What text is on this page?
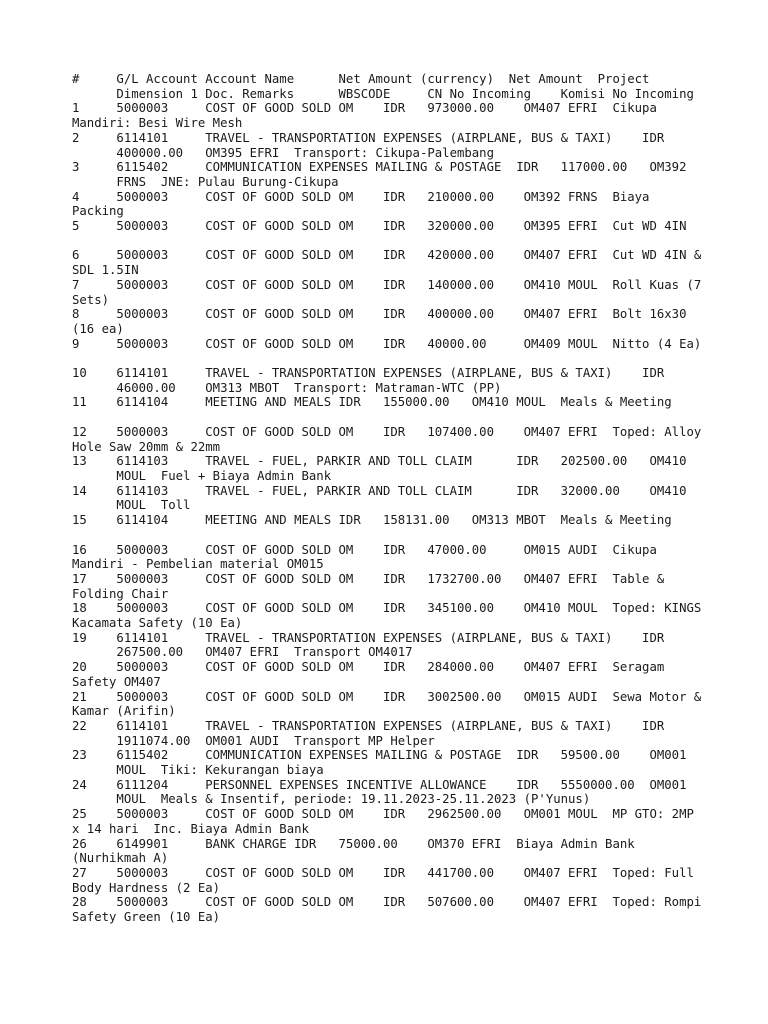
#     G/L Account Account Name      Net Amount (currency)  Net Amount  Project
Dimension 1 Doc. Remarks      WBSCODE     CN No Incoming    Komisi No Incoming
1     5000003     COST OF GOOD SOLD OM    IDR   973000.00    OM407 EFRI  Cikupa
Mandiri: Besi Wire Mesh
2     6114101     TRAVEL - TRANSPORTATION EXPENSES (AIRPLANE, BUS & TAXI)    IDR
400000.00   OM395 EFRI  Transport: Cikupa-Palembang
3     6115402     COMMUNICATION EXPENSES MAILING & POSTAGE  IDR   117000.00   OM392
FRNS  JNE: Pulau Burung-Cikupa
4     5000003     COST OF GOOD SOLD OM    IDR   210000.00    OM392 FRNS  Biaya
Packing
5     5000003     COST OF GOOD SOLD OM    IDR   320000.00    OM395 EFRI  Cut WD 4IN

6     5000003     COST OF GOOD SOLD OM    IDR   420000.00    OM407 EFRI  Cut WD 4IN &
SDL 1.5IN
7     5000003     COST OF GOOD SOLD OM    IDR   140000.00    OM410 MOUL  Roll Kuas (7
Sets)
8     5000003     COST OF GOOD SOLD OM    IDR   400000.00    OM407 EFRI  Bolt 16x30
(16 ea)
9     5000003     COST OF GOOD SOLD OM    IDR   40000.00     OM409 MOUL  Nitto (4 Ea)

10    6114101     TRAVEL - TRANSPORTATION EXPENSES (AIRPLANE, BUS & TAXI)    IDR
46000.00    OM313 MBOT  Transport: Matraman-WTC (PP)
11    6114104     MEETING AND MEALS IDR   155000.00   OM410 MOUL  Meals & Meeting

12    5000003     COST OF GOOD SOLD OM    IDR   107400.00    OM407 EFRI  Toped: Alloy
Hole Saw 20mm & 22mm
13    6114103     TRAVEL - FUEL, PARKIR AND TOLL CLAIM      IDR   202500.00   OM410
MOUL  Fuel + Biaya Admin Bank
14    6114103     TRAVEL - FUEL, PARKIR AND TOLL CLAIM      IDR   32000.00    OM410
MOUL  Toll
15    6114104     MEETING AND MEALS IDR   158131.00   OM313 MBOT  Meals & Meeting

16    5000003     COST OF GOOD SOLD OM    IDR   47000.00     OM015 AUDI  Cikupa
Mandiri - Pembelian material OM015
17    5000003     COST OF GOOD SOLD OM    IDR   1732700.00   OM407 EFRI  Table &
Folding Chair
18    5000003     COST OF GOOD SOLD OM    IDR   345100.00    OM410 MOUL  Toped: KINGS
Kacamata Safety (10 Ea)
19    6114101     TRAVEL - TRANSPORTATION EXPENSES (AIRPLANE, BUS & TAXI)    IDR
267500.00   OM407 EFRI  Transport OM4017
20    5000003     COST OF GOOD SOLD OM    IDR   284000.00    OM407 EFRI  Seragam
Safety OM407
21    5000003     COST OF GOOD SOLD OM    IDR   3002500.00   OM015 AUDI  Sewa Motor &
Kamar (Arifin)
22    6114101     TRAVEL - TRANSPORTATION EXPENSES (AIRPLANE, BUS & TAXI)    IDR
1911074.00  OM001 AUDI  Transport MP Helper
23    6115402     COMMUNICATION EXPENSES MAILING & POSTAGE  IDR   59500.00    OM001
MOUL  Tiki: Kekurangan biaya
24    6111204     PERSONNEL EXPENSES INCENTIVE ALLOWANCE    IDR   5550000.00  OM001
MOUL  Meals & Insentif, periode: 19.11.2023-25.11.2023 (P'Yunus)
25    5000003     COST OF GOOD SOLD OM    IDR   2962500.00   OM001 MOUL  MP GTO: 2MP
x 14 hari  Inc. Biaya Admin Bank
26    6149901     BANK CHARGE IDR   75000.00    OM370 EFRI  Biaya Admin Bank
(Nurhikmah A)
27    5000003     COST OF GOOD SOLD OM    IDR   441700.00    OM407 EFRI  Toped: Full
Body Hardness (2 Ea)
28    5000003     COST OF GOOD SOLD OM    IDR   507600.00    OM407 EFRI  Toped: Rompi
Safety Green (10 Ea)
